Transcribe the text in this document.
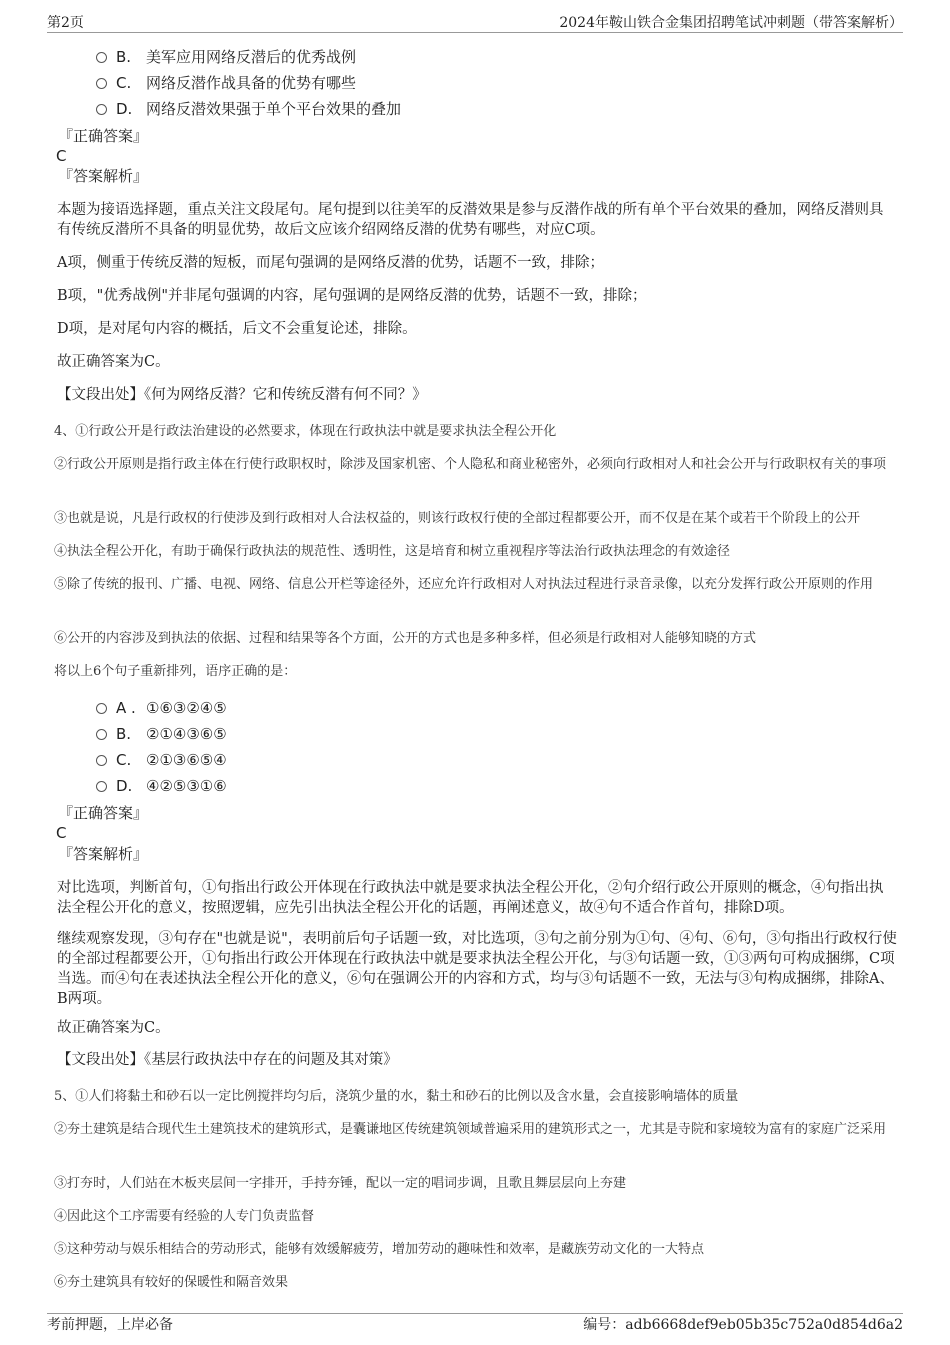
第2页	2024年鞍山铁合金集团招聘笔试冲刺题（带答案解析）
B. 美军应用网络反潜后的优秀战例
C. 网络反潜作战具备的优势有哪些
D. 网络反潜效果强于单个平台效果的叠加
『正确答案』
C
『答案解析』
本题为接语选择题，重点关注文段尾句。尾句提到以往美军的反潜效果是参与反潜作战的所有单个平台效果的叠加，网络反潜则具有传统反潜所不具备的明显优势，故后文应该介绍网络反潜的优势有哪些，对应C项。
A项，侧重于传统反潜的短板，而尾句强调的是网络反潜的优势，话题不一致，排除；
B项，"优秀战例"并非尾句强调的内容，尾句强调的是网络反潜的优势，话题不一致，排除；
D项，是对尾句内容的概括，后文不会重复论述，排除。
故正确答案为C。
【文段出处】《何为网络反潜？它和传统反潜有何不同？》
4、①行政公开是行政法治建设的必然要求，体现在行政执法中就是要求执法全程公开化
②行政公开原则是指行政主体在行使行政职权时，除涉及国家机密、个人隐私和商业秘密外，必须向行政相对人和社会公开与行政职权有关的事项
③也就是说，凡是行政权的行使涉及到行政相对人合法权益的，则该行政权行使的全部过程都要公开，而不仅是在某个或若干个阶段上的公开
④执法全程公开化，有助于确保行政执法的规范性、透明性，这是培育和树立重视程序等法治行政执法理念的有效途径
⑤除了传统的报刊、广播、电视、网络、信息公开栏等途径外，还应允许行政相对人对执法过程进行录音录像，以充分发挥行政公开原则的作用
⑥公开的内容涉及到执法的依据、过程和结果等各个方面，公开的方式也是多种多样，但必须是行政相对人能够知晓的方式
将以上6个句子重新排列，语序正确的是：
A . ①⑥③②④⑤
B. ②①④③⑥⑤
C. ②①③⑥⑤④
D. ④②⑤③①⑥
『正确答案』
C
『答案解析』
对比选项，判断首句，①句指出行政公开体现在行政执法中就是要求执法全程公开化，②句介绍行政公开原则的概念，④句指出执法全程公开化的意义，按照逻辑，应先引出执法全程公开化的话题，再阐述意义，故④句不适合作首句，排除D项。
继续观察发现，③句存在"也就是说"，表明前后句子话题一致，对比选项，③句之前分别为①句、④句、⑥句，③句指出行政权行使的全部过程都要公开，①句指出行政公开体现在行政执法中就是要求执法全程公开化，与③句话题一致，①③两句可构成捆绑，C项当选。而④句在表述执法全程公开化的意义，⑥句在强调公开的内容和方式，均与③句话题不一致，无法与③句构成捆绑，排除A、B两项。
故正确答案为C。
【文段出处】《基层行政执法中存在的问题及其对策》
5、①人们将黏土和砂石以一定比例搅拌均匀后，浇筑少量的水，黏土和砂石的比例以及含水量，会直接影响墙体的质量
②夯土建筑是结合现代生土建筑技术的建筑形式，是囊谦地区传统建筑领域普遍采用的建筑形式之一，尤其是寺院和家境较为富有的家庭广泛采用
③打夯时，人们站在木板夹层间一字排开，手持夯锤，配以一定的唱词步调，且歌且舞层层向上夯建
④因此这个工序需要有经验的人专门负责监督
⑤这种劳动与娱乐相结合的劳动形式，能够有效缓解疲劳，增加劳动的趣味性和效率，是藏族劳动文化的一大特点
⑥夯土建筑具有较好的保暖性和隔音效果
考前押题，上岸必备	编号：adb6668def9eb05b35c752a0d854d6a2
